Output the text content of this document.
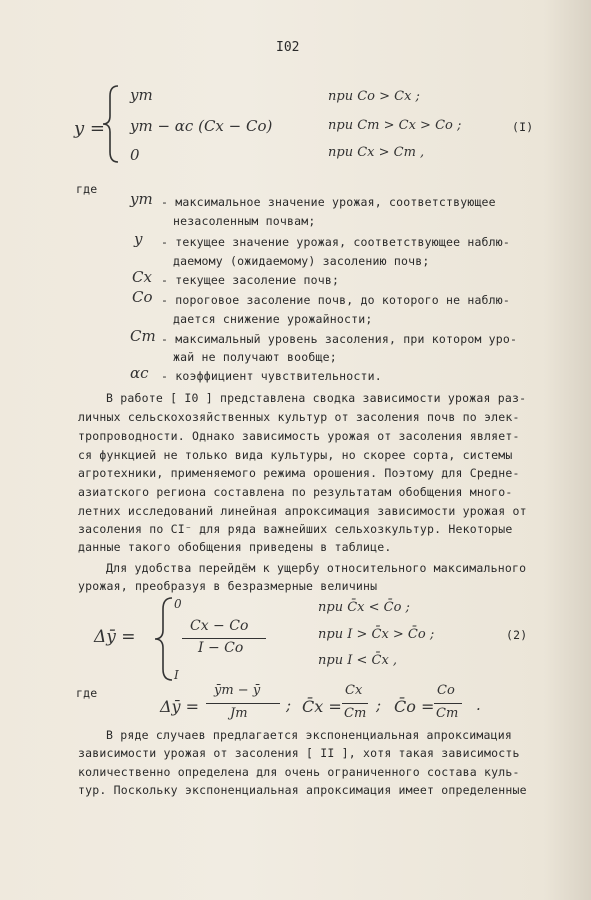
I02
y =
ym
ym − αc (Cx − Cо)
0
при Cо > Cx ;
при Cm > Cx > Cо ;
при Cx > Cm ,
(I)
где
ym - максимальное значение урожая, соответствующее
незасоленным почвам;
y - текущее значение урожая, соответствующее наблю-
даемому (ожидаемому) засолению почв;
Cx - текущее засоление почв;
Cо - пороговое засоление почв, до которого не наблю-
дается снижение урожайности;
Cm - максимальный уровень засоления, при котором уро-
жай не получают вообще;
αc - коэффициент чувствительности.
В работе [ I0 ] представлена сводка зависимости урожая раз-
личных сельскохозяйственных культур от засоления почв по элек-
тропроводности. Однако зависимость урожая от засоления являет-
ся функцией не только вида культуры, но скорее сорта, системы
агротехники, применяемого режима орошения. Поэтому для Средне-
азиатского региона составлена по результатам обобщения много-
летних исследований линейная апроксимация зависимости урожая от
засоления по CI⁻ для ряда важнейших сельхозкультур. Некоторые
данные такого обобщения приведены в таблице.
Для удобства перейдём к ущербу относительного максимального
урожая, преобразуя в безразмерные величины
Δȳ =
0
Cx − Cо
I − Cо
I
при C̄x < C̄о ;
при I > C̄x > C̄о ;
при I < C̄x ,
(2)
где
Δȳ =
ȳm − ȳ
Jm	; C̄x =
Cx
Cm ; C̄о =
Cо
Cm .
В ряде случаев предлагается экспоненциальная апроксимация
зависимости урожая от засоления [ II ], хотя такая зависимость
количественно определена для очень ограниченного состава куль-
тур. Поскольку экспоненциальная апроксимация имеет определенные
